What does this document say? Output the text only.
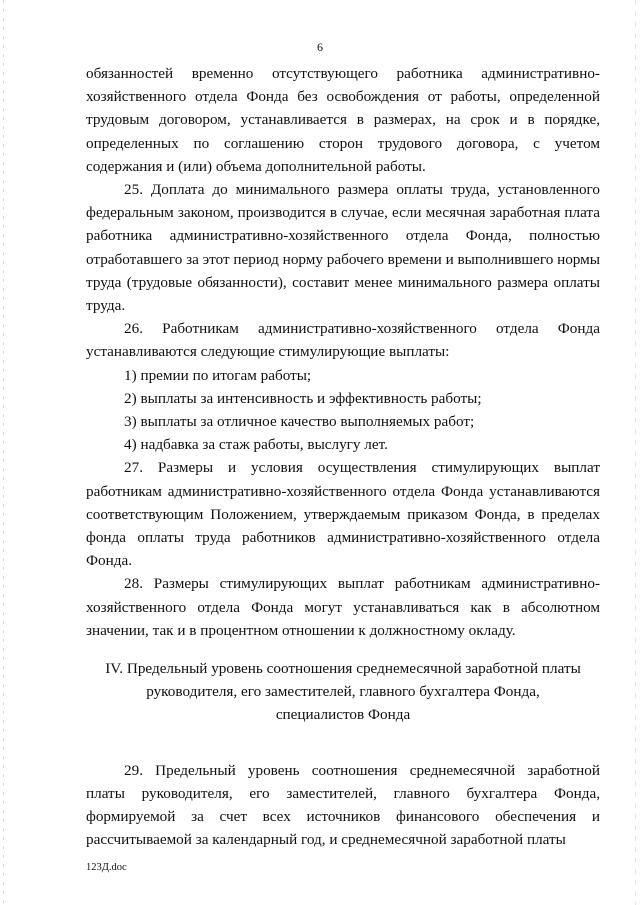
6

обязанностей временно отсутствующего работника административно-хозяйственного отдела Фонда без освобождения от работы, определенной трудовым договором, устанавливается в размерах, на срок и в порядке, определенных по соглашению сторон трудового договора, с учетом содержания и (или) объема дополнительной работы.

25. Доплата до минимального размера оплаты труда, установленного федеральным законом, производится в случае, если месячная заработная плата работника административно-хозяйственного отдела Фонда, полностью отработавшего за этот период норму рабочего времени и выполнившего нормы труда (трудовые обязанности), составит менее минимального размера оплаты труда.

26. Работникам административно-хозяйственного отдела Фонда устанавливаются следующие стимулирующие выплаты:

1) премии по итогам работы;

2) выплаты за интенсивность и эффективность работы;

3) выплаты за отличное качество выполняемых работ;

4) надбавка за стаж работы, выслугу лет.

27. Размеры и условия осуществления стимулирующих выплат работникам административно-хозяйственного отдела Фонда устанавливаются соответствующим Положением, утверждаемым приказом Фонда, в пределах фонда оплаты труда работников административно-хозяйственного отдела Фонда.

28. Размеры стимулирующих выплат работникам административно-хозяйственного отдела Фонда могут устанавливаться как в абсолютном значении, так и в процентном отношении к должностному окладу.

IV. Предельный уровень соотношения среднемесячной заработной платы
руководителя, его заместителей, главного бухгалтера Фонда,
специалистов Фонда

29. Предельный уровень соотношения среднемесячной заработной платы руководителя, его заместителей, главного бухгалтера Фонда, формируемой за счет всех источников финансового обеспечения и рассчитываемой за календарный год, и среднемесячной заработной платы

123Д.doc
